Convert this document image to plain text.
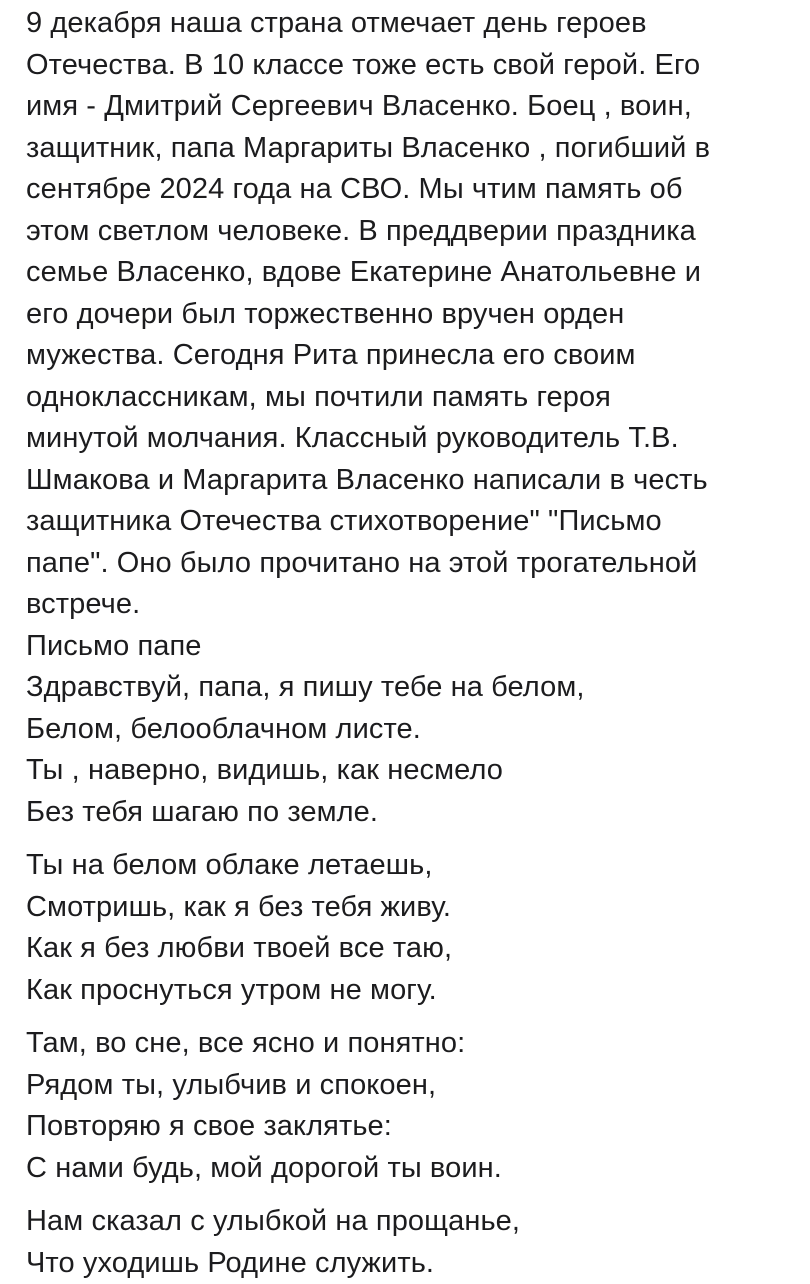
9 декабря наша страна отмечает день героев
Отечества. В 10 классе тоже есть свой герой. Его
имя - Дмитрий Сергеевич Власенко. Боец , воин,
защитник, папа Маргариты Власенко , погибший в
сентябре 2024 года на СВО. Мы чтим память об
этом светлом человеке. В преддверии праздника
семье Власенко, вдове Екатерине Анатольевне и
его дочери был торжественно вручен орден
мужества. Сегодня Рита принесла его своим
одноклассникам, мы почтили память героя
минутой молчания. Классный руководитель Т.В.
Шмакова и Маргарита Власенко написали в честь
защитника Отечества стихотворение" "Письмо
папе". Оно было прочитано на этой трогательной
встрече.
Письмо папе
Здравствуй, папа, я пишу тебе на белом,
Белом, белооблачном листе.
Ты , наверно, видишь, как несмело
Без тебя шагаю по земле.
Ты на белом облаке летаешь,
Смотришь, как я без тебя живу.
Как я без любви твоей все таю,
Как проснуться утром не могу.
Там, во сне, все ясно и понятно:
Рядом ты, улыбчив и спокоен,
Повторяю я свое заклятье:
С нами будь, мой дорогой ты воин.
Нам сказал с улыбкой на прощанье,
Что уходишь Родине служить.
